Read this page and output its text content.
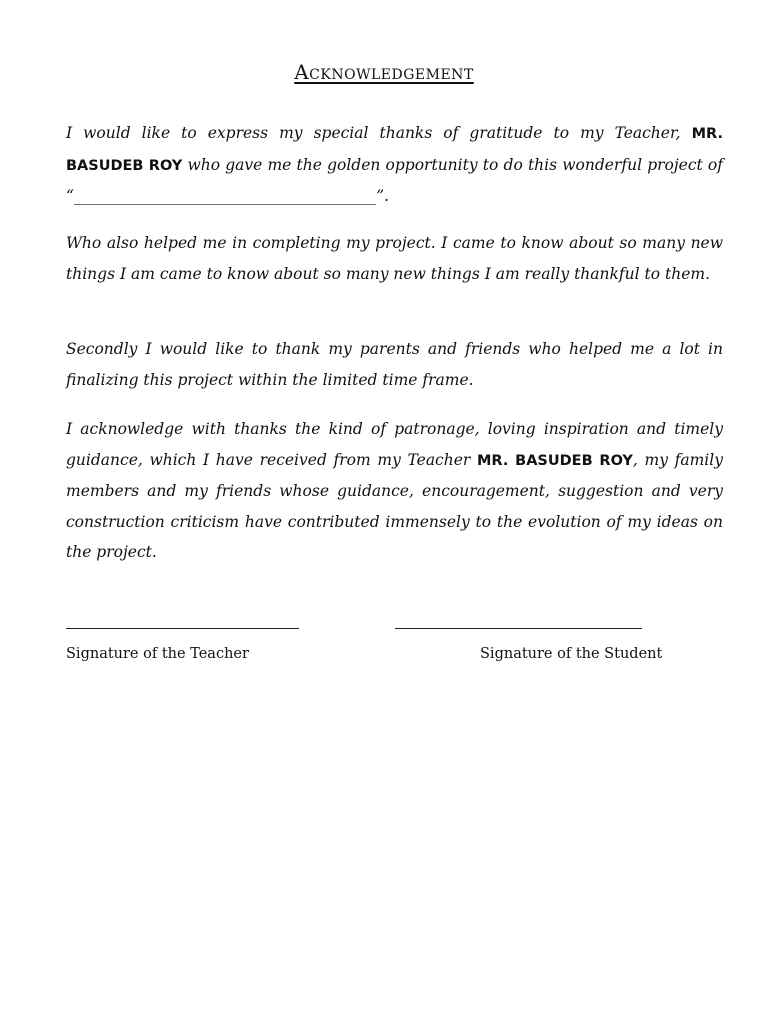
Acknowledgement

I would like to express my special thanks of gratitude to my Teacher, MR. BASUDEB ROY who gave me the golden opportunity to do this wonderful project of “_______________________________________”.

Who also helped me in completing my project. I came to know about so many new things I am came to know about so many new things I am really thankful to them.

Secondly I would like to thank my parents and friends who helped me a lot in finalizing this project within the limited time frame.

I acknowledge with thanks the kind of patronage, loving inspiration and timely guidance, which I have received from my Teacher MR. BASUDEB ROY, my family members and my friends whose guidance, encouragement, suggestion and very construction criticism have contributed immensely to the evolution of my ideas on the project.

Signature of the Teacher	Signature of the Student
